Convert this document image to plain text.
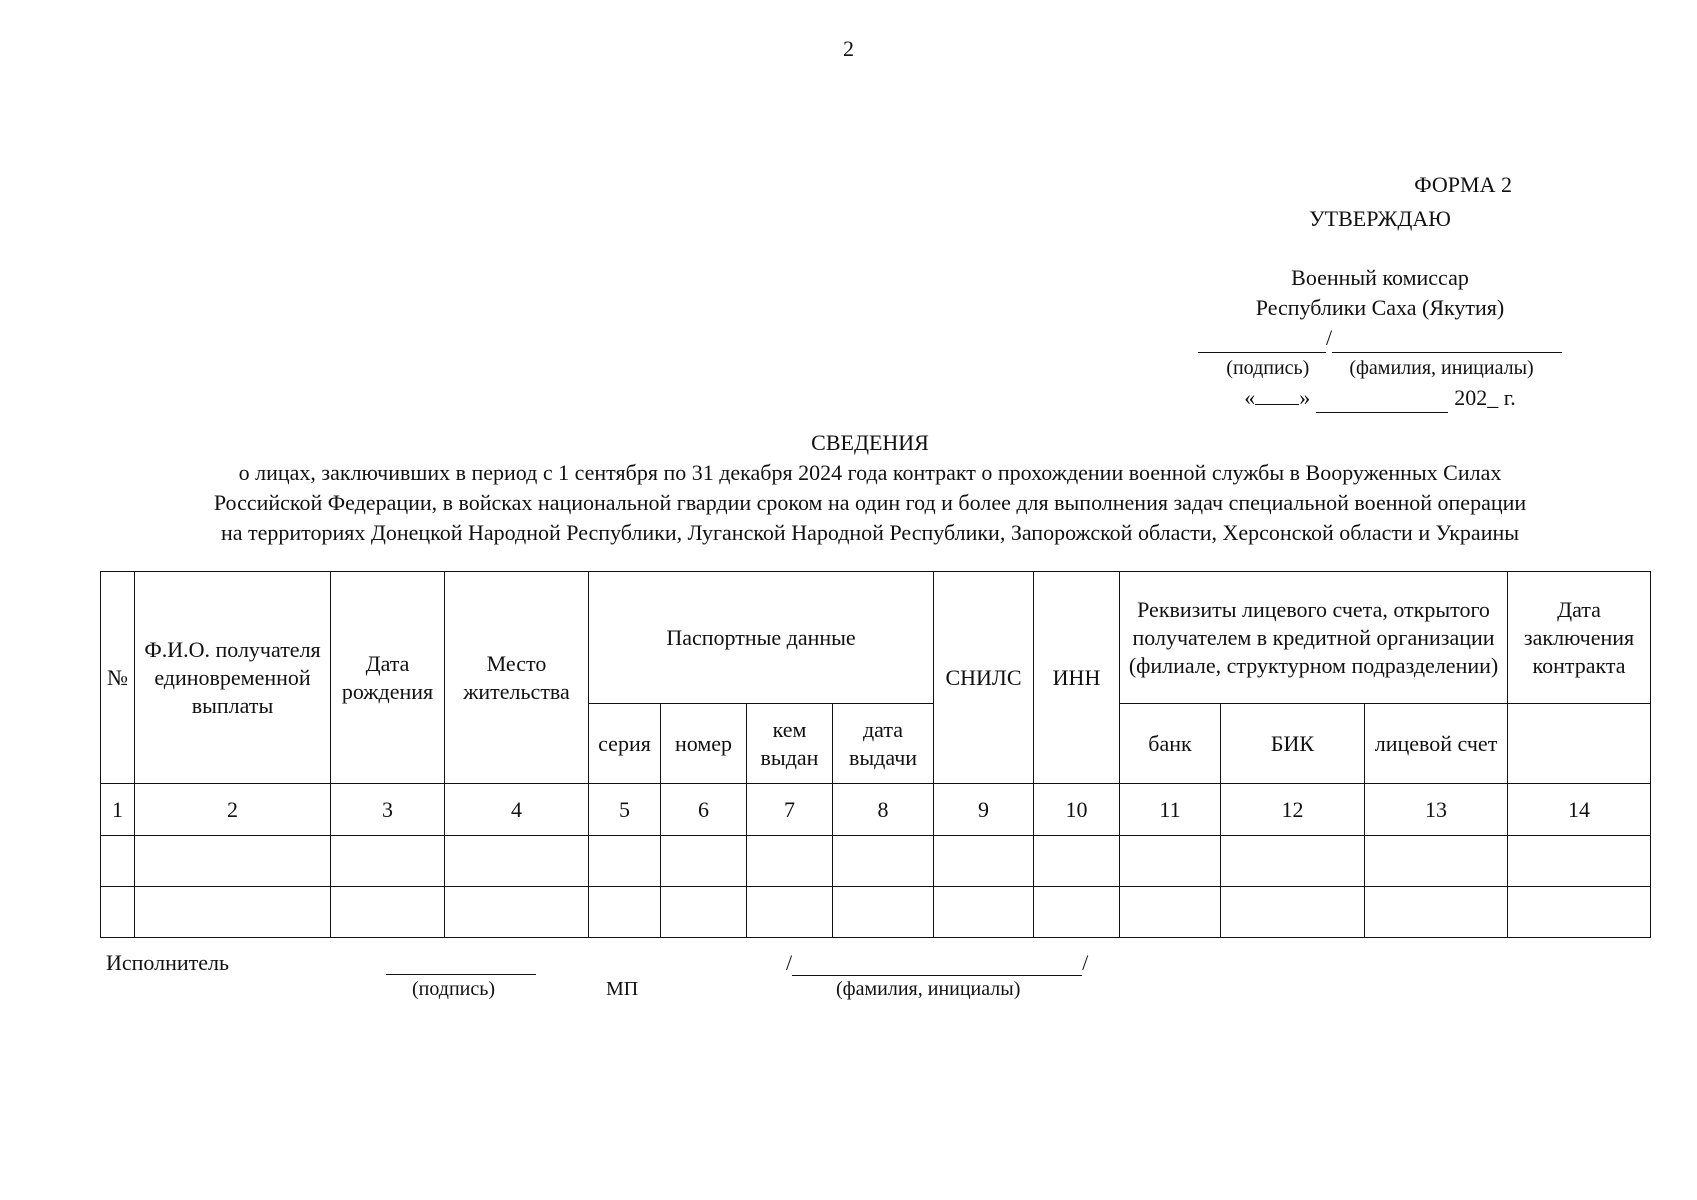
2
ФОРМА 2
УТВЕРЖДАЮ
Военный комиссар
Республики Саха (Якутия)
/
(подпись) (фамилия, инициалы)
« »	202_ г.
СВЕДЕНИЯ
о лицах, заключивших в период с 1 сентября по 31 декабря 2024 года контракт о прохождении военной службы в Вооруженных Силах
Российской Федерации, в войсках национальной гвардии сроком на один год и более для выполнения задач специальной военной операции
на территориях Донецкой Народной Республики, Луганской Народной Республики, Запорожской области, Херсонской области и Украины
№	Ф.И.О. получателя единовременной выплаты	Дата рождения	Место жительства	Паспортные данные				СНИЛС	ИНН	Реквизиты лицевого счета, открытого получателем в кредитной организации (филиале, структурном подразделении)			Дата заключения контракта
				серия	номер	кем выдан	дата выдачи			банк	БИК	лицевой счет	
1	2	3	4	5	6	7	8	9	10	11	12	13	14

Исполнитель
(подпись)	МП
/	/
(фамилия, инициалы)
